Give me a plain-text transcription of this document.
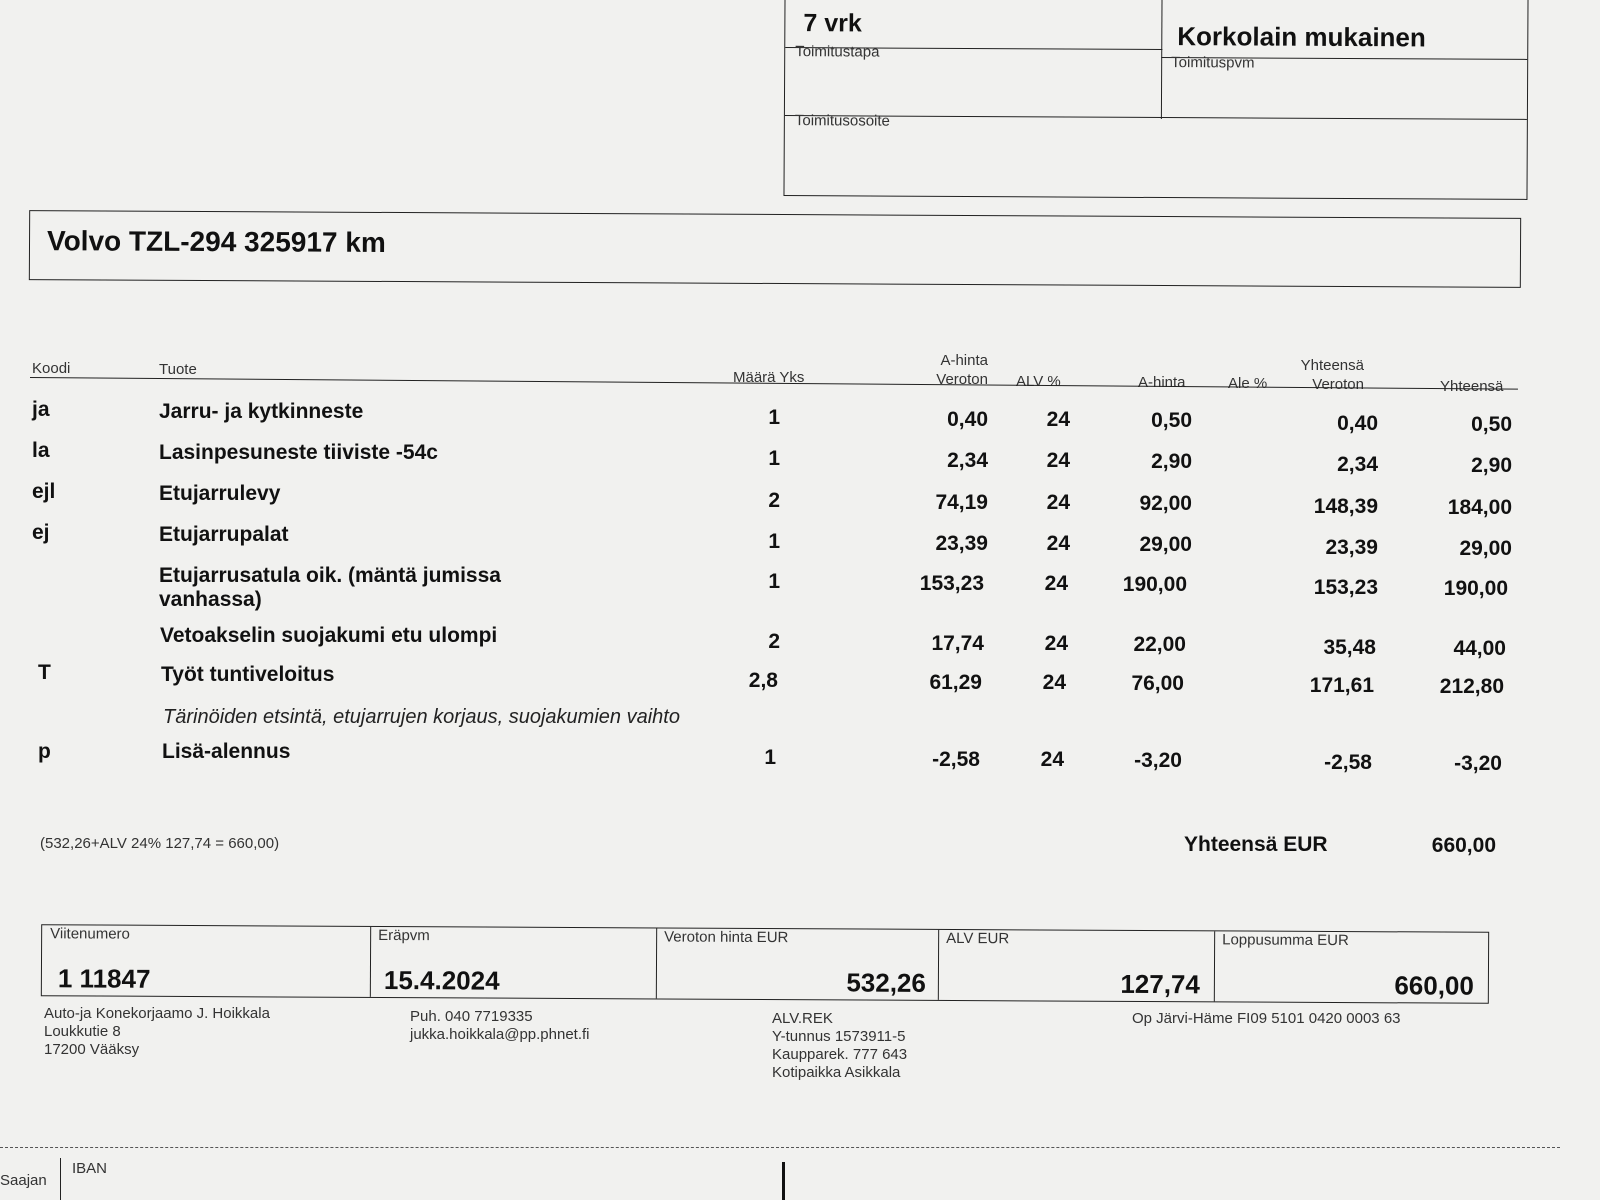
7 vrk	Korkolain mukainen
Toimitustapa
Toimituspvm
Toimitusosoite
Volvo TZL-294 325917 km
Koodi	Tuote	Määrä Yks
A-hinta
Veroton ALV %	A-hinta	Ale %
Yhteensä
Veroton	Yhteensä
ja	Jarru- ja kytkinneste	1	0,40	24	0,50	0,40	0,50
la	Lasinpesuneste tiiviste -54c	1	2,34	24	2,90	2,34	2,90
ejl	Etujarrulevy	2	74,19	24	92,00	148,39	184,00
ej	Etujarrupalat	1	23,39	24	29,00	23,39	29,00
Etujarrusatula oik. (mäntä jumissa
vanhassa)
1	153,23	24	190,00	153,23	190,00
Vetoakselin suojakumi etu ulompi	2	17,74	24	22,00	35,48	44,00
T	Työt tuntiveloitus	2,8	61,29	24	76,00	171,61	212,80
Tärinöiden etsintä, etujarrujen korjaus, suojakumien vaihto
p	Lisä-alennus	1	-2,58	24	-3,20	-2,58	-3,20
(532,26+ALV 24% 127,74 = 660,00)	Yhteensä EUR	660,00
Viitenumero
1 11847
Eräpvm
15.4.2024
Veroton hinta EUR
532,26
ALV EUR
127,74
Loppusumma EUR
660,00
Auto-ja Konekorjaamo J. Hoikkala
Loukkutie 8
17200 Vääksy
Puh. 040 7719335
jukka.hoikkala@pp.phnet.fi
ALV.REK
Y-tunnus 1573911-5
Kaupparek. 777 643
Kotipaikka Asikkala
Op Järvi-Häme FI09 5101 0420 0003 63
Saajan
IBAN
